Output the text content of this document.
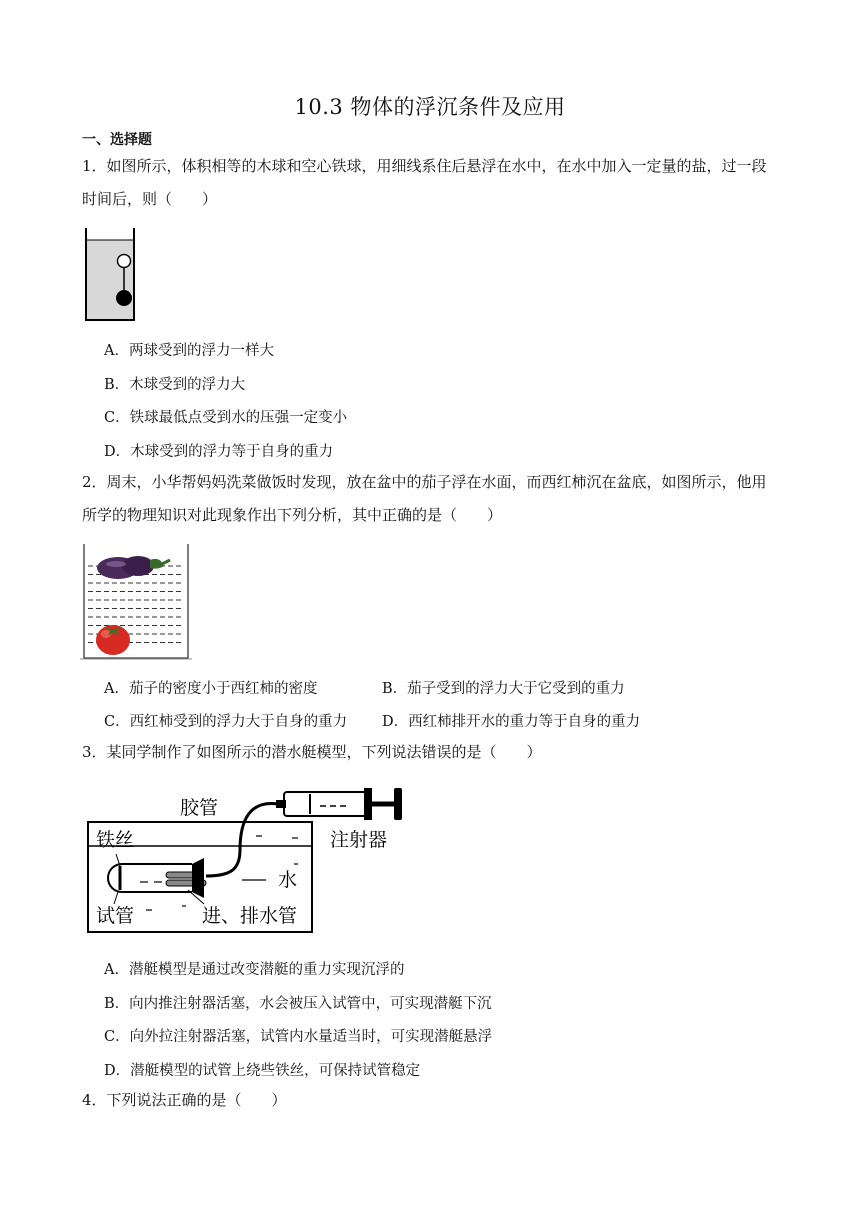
10.3 物体的浮沉条件及应用
一、选择题
1．如图所示，体积相等的木球和空心铁球，用细线系住后悬浮在水中，在水中加入一定量的盐，过一段
时间后，则（　　）
A．两球受到的浮力一样大
B．木球受到的浮力大
C．铁球最低点受到水的压强一定变小
D．木球受到的浮力等于自身的重力
2．周末，小华帮妈妈洗菜做饭时发现，放在盆中的茄子浮在水面，而西红柿沉在盆底，如图所示，他用
所学的物理知识对此现象作出下列分析，其中正确的是（　　）
A．茄子的密度小于西红柿的密度	B．茄子受到的浮力大于它受到的重力
C．西红柿受到的浮力大于自身的重力 D．西红柿排开水的重力等于自身的重力
3．某同学制作了如图所示的潜水艇模型，下列说法错误的是（　　）
胶管
注射器
铁丝
水
试管	进、排水管
A．潜艇模型是通过改变潜艇的重力实现沉浮的
B．向内推注射器活塞，水会被压入试管中，可实现潜艇下沉
C．向外拉注射器活塞，试管内水量适当时，可实现潜艇悬浮
D．潜艇模型的试管上绕些铁丝，可保持试管稳定
4．下列说法正确的是（　　）
